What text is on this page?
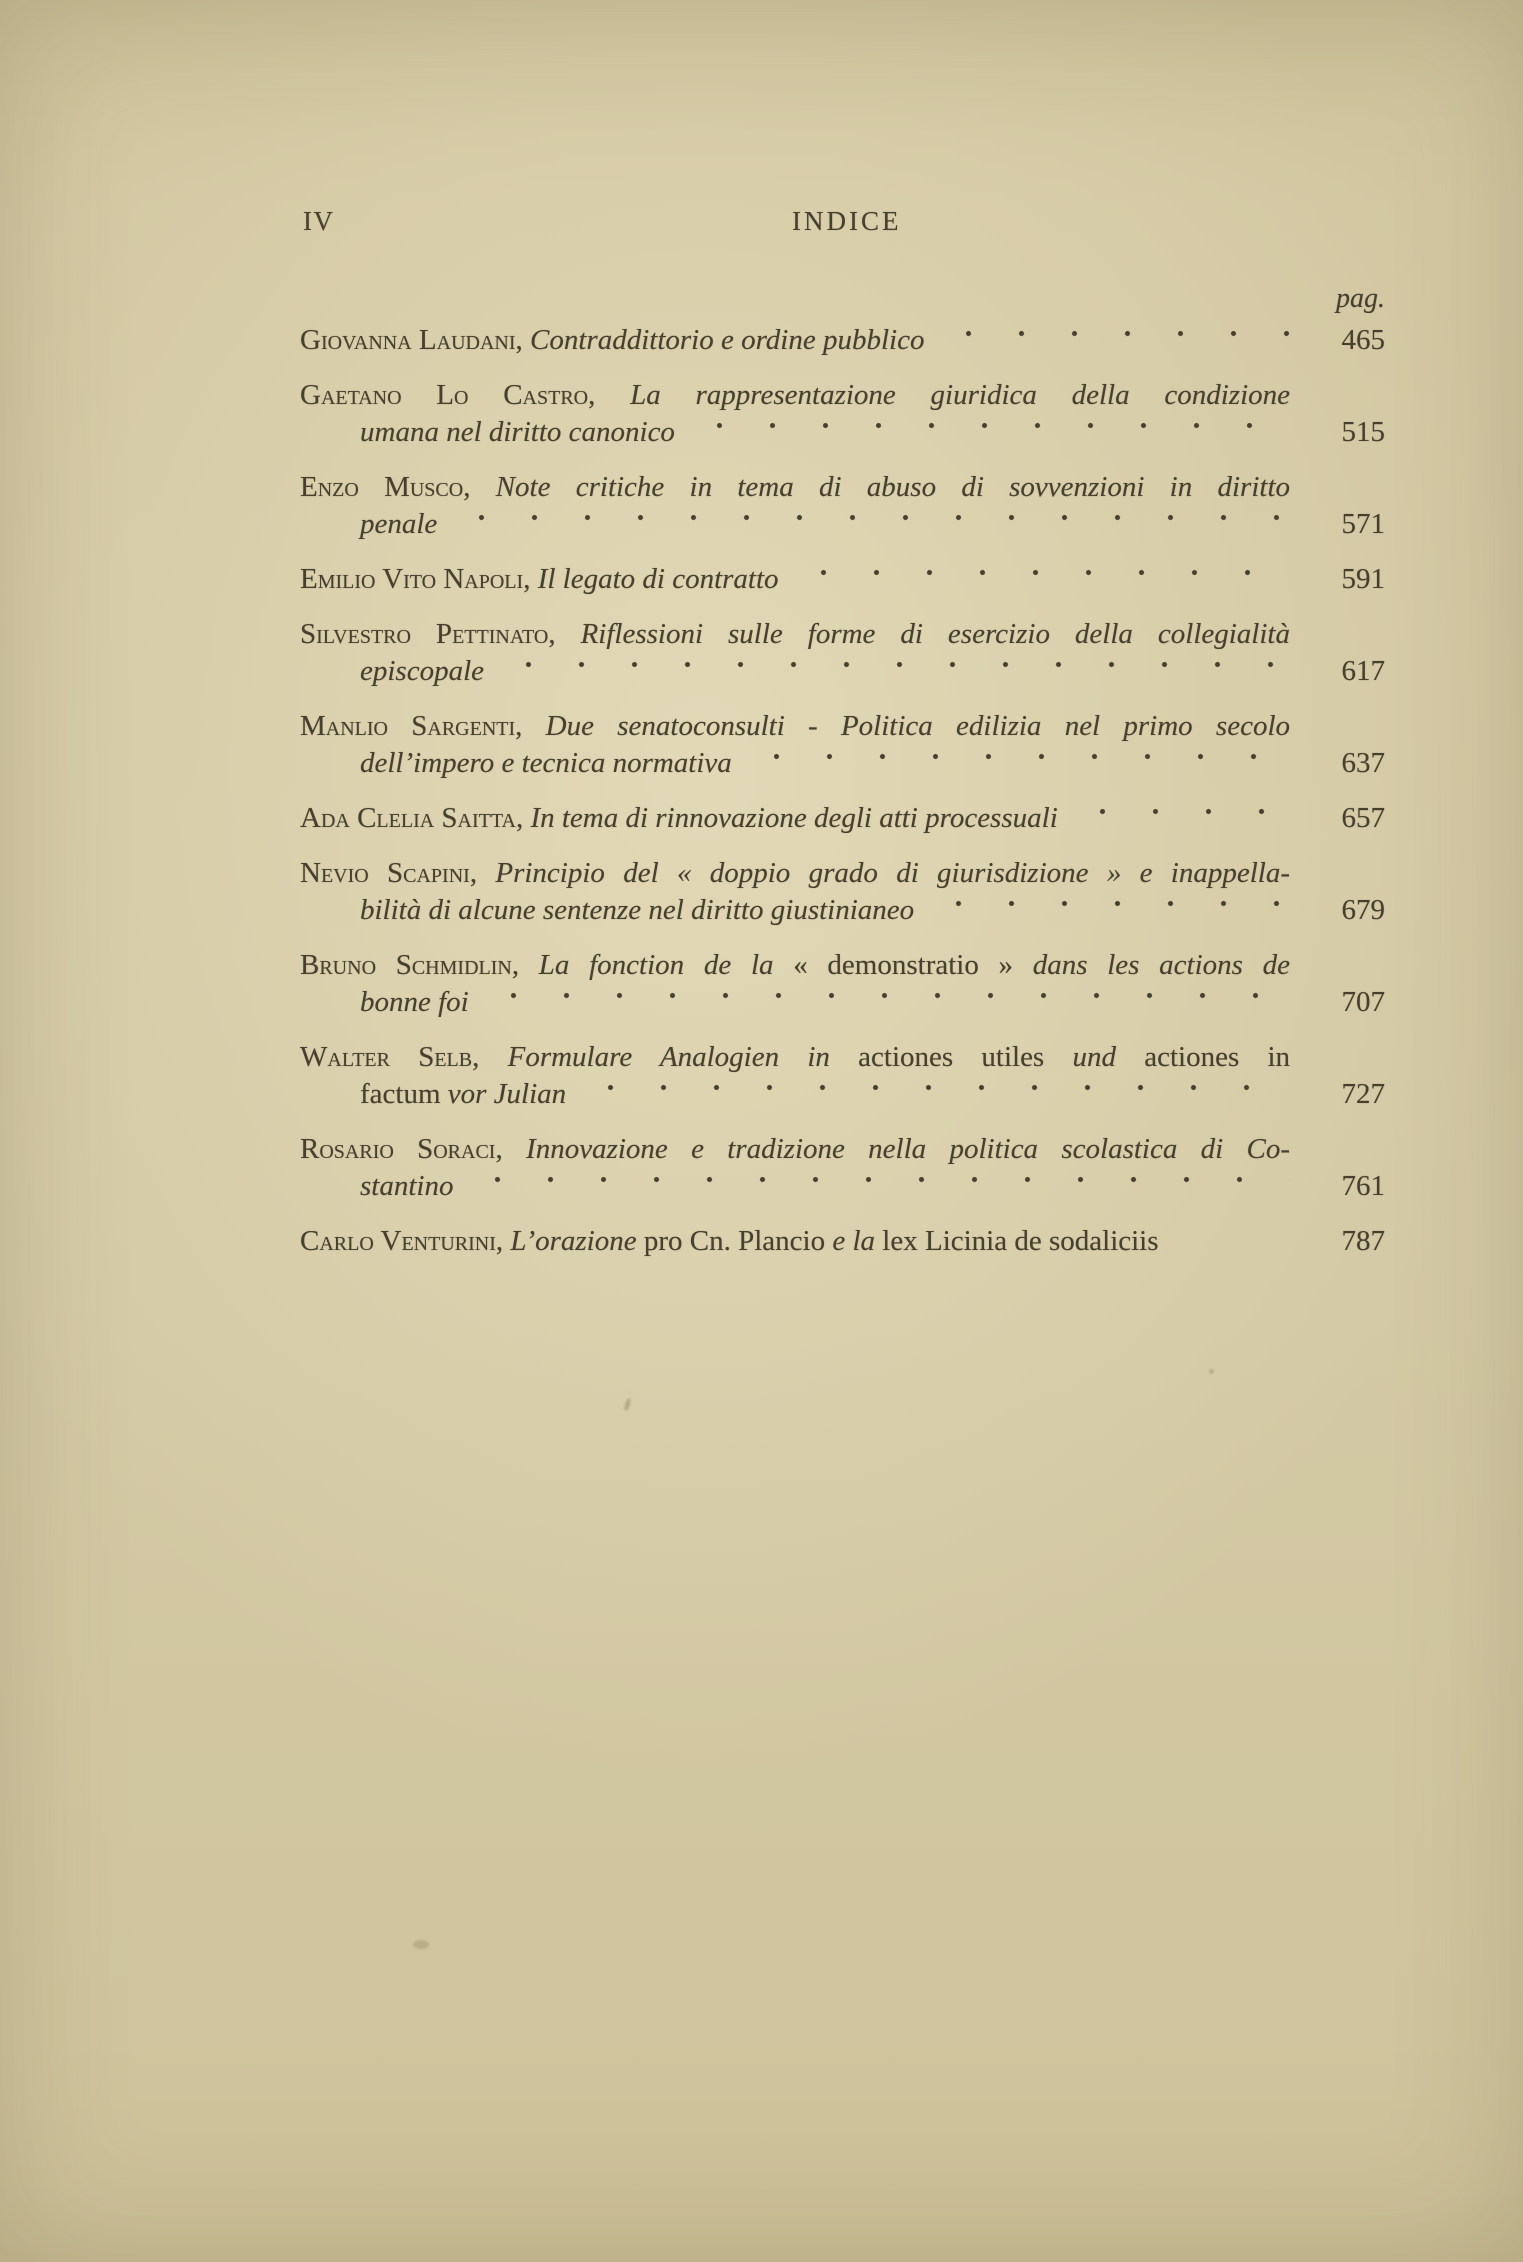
IV	INDICE
pag.
Giovanna Laudani, Contraddittorio e ordine pubblico	465
Gaetano Lo Castro, La rappresentazione giuridica della condizione
umana nel diritto canonico	515
Enzo Musco, Note critiche in tema di abuso di sovvenzioni in diritto
penale	571
Emilio Vito Napoli, Il legato di contratto	591
Silvestro Pettinato, Riflessioni sulle forme di esercizio della collegialità
episcopale	617
Manlio Sargenti, Due senatoconsulti - Politica edilizia nel primo secolo
dell’impero e tecnica normativa	637
Ada Clelia Saitta, In tema di rinnovazione degli atti processuali	657
Nevio Scapini, Principio del « doppio grado di giurisdizione » e inappella-
bilità di alcune sentenze nel diritto giustinianeo	679
Bruno Schmidlin, La fonction de la « demonstratio » dans les actions de
bonne foi	707
Walter Selb, Formulare Analogien in actiones utiles und actiones in
factum vor Julian	727
Rosario Soraci, Innovazione e tradizione nella politica scolastica di Co-
stantino	761
Carlo Venturini, L’orazione pro Cn. Plancio e la lex Licinia de sodaliciis	787
